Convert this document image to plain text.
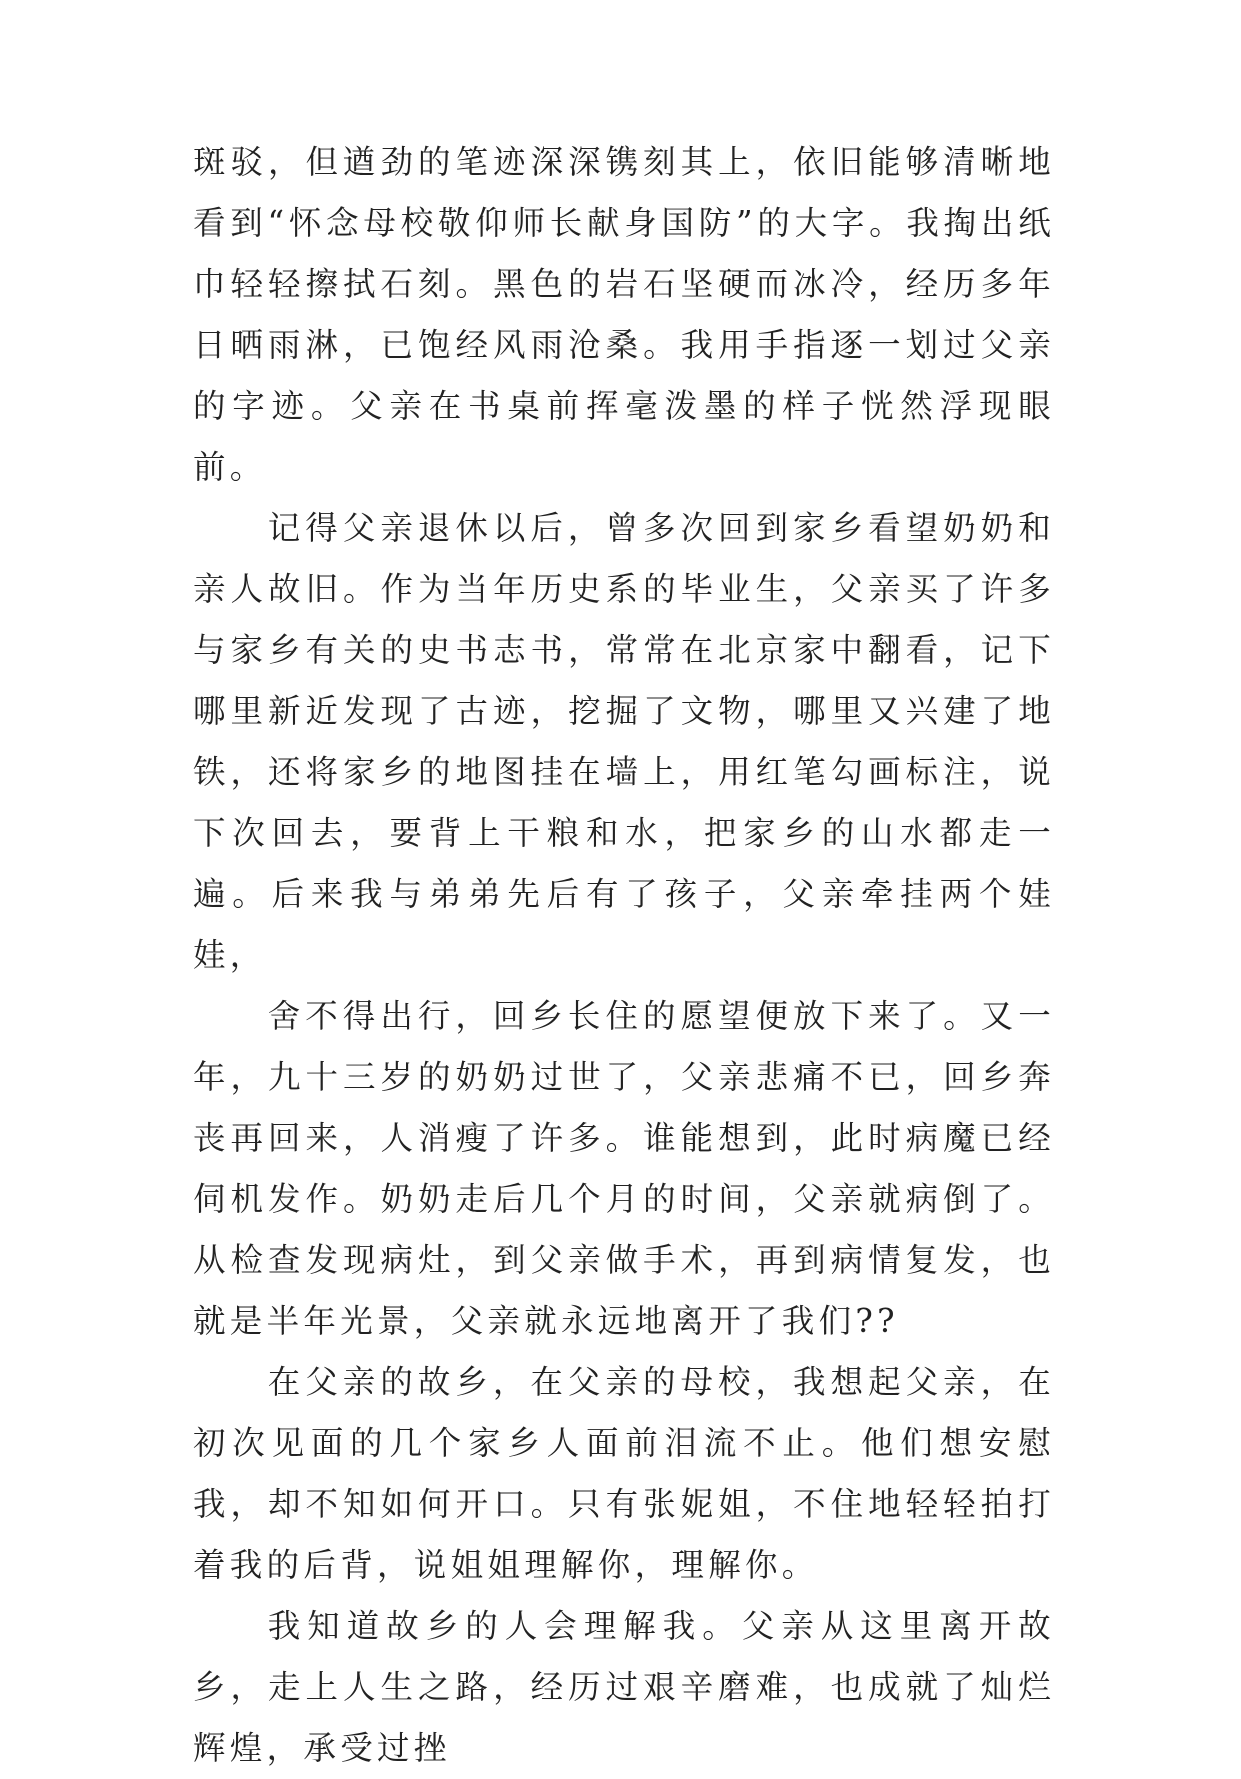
斑驳，但遒劲的笔迹深深镌刻其上，依旧能够清晰地看到“怀念母校敬仰师长献身国防”的大字。我掏出纸巾轻轻擦拭石刻。黑色的岩石坚硬而冰冷，经历多年日晒雨淋，已饱经风雨沧桑。我用手指逐一划过父亲的字迹。父亲在书桌前挥毫泼墨的样子恍然浮现眼前。

记得父亲退休以后，曾多次回到家乡看望奶奶和亲人故旧。作为当年历史系的毕业生，父亲买了许多与家乡有关的史书志书，常常在北京家中翻看，记下哪里新近发现了古迹，挖掘了文物，哪里又兴建了地铁，还将家乡的地图挂在墙上，用红笔勾画标注，说下次回去，要背上干粮和水，把家乡的山水都走一遍。后来我与弟弟先后有了孩子，父亲牵挂两个娃娃，

舍不得出行，回乡长住的愿望便放下来了。又一年，九十三岁的奶奶过世了，父亲悲痛不已，回乡奔丧再回来，人消瘦了许多。谁能想到，此时病魔已经伺机发作。奶奶走后几个月的时间，父亲就病倒了。从检查发现病灶，到父亲做手术，再到病情复发，也就是半年光景，父亲就永远地离开了我们??

在父亲的故乡，在父亲的母校，我想起父亲，在初次见面的几个家乡人面前泪流不止。他们想安慰我，却不知如何开口。只有张妮姐，不住地轻轻拍打着我的后背，说姐姐理解你，理解你。

我知道故乡的人会理解我。父亲从这里离开故乡，走上人生之路，经历过艰辛磨难，也成就了灿烂辉煌，承受过挫
